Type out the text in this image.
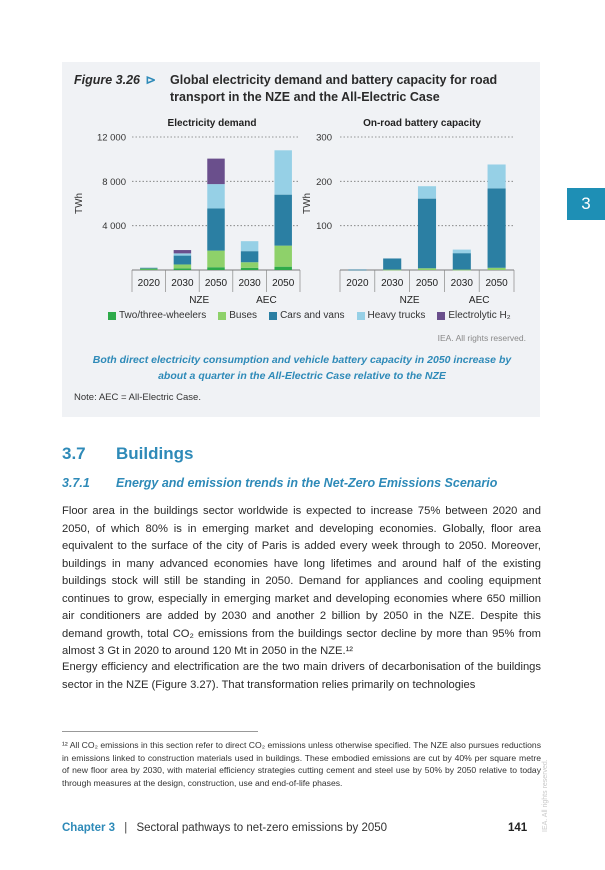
Figure 3.26 ⊳ Global electricity demand and battery capacity for road transport in the NZE and the All-Electric Case
Electricity demand
TWh
12 000
8 000
4 000
2020 2030 2050 2030 2050
NZE	AEC
On-road battery capacity
TWh
300
200
100
2020 2030 2050 2030 2050
NZE	AEC
Two/three-wheelers Buses Cars and vans Heavy trucks Electrolytic H₂
IEA. All rights reserved.
Both direct electricity consumption and vehicle battery capacity in 2050 increase by about a quarter in the All-Electric Case relative to the NZE
Note: AEC = All-Electric Case.
3
3.7 Buildings
3.7.1 Energy and emission trends in the Net-Zero Emissions Scenario
Floor area in the buildings sector worldwide is expected to increase 75% between 2020 and 2050, of which 80% is in emerging market and developing economies. Globally, floor area equivalent to the surface of the city of Paris is added every week through to 2050. Moreover, buildings in many advanced economies have long lifetimes and around half of the existing buildings stock will still be standing in 2050. Demand for appliances and cooling equipment continues to grow, especially in emerging market and developing economies where 650 million air conditioners are added by 2030 and another 2 billion by 2050 in the NZE. Despite this demand growth, total CO₂ emissions from the buildings sector decline by more than 95% from almost 3 Gt in 2020 to around 120 Mt in 2050 in the NZE.¹²
Energy efficiency and electrification are the two main drivers of decarbonisation of the buildings sector in the NZE (Figure 3.27). That transformation relies primarily on technologies
¹² All CO₂ emissions in this section refer to direct CO₂ emissions unless otherwise specified. The NZE also pursues reductions in emissions linked to construction materials used in buildings. These embodied emissions are cut by 40% per square metre of new floor area by 2030, with material efficiency strategies cutting cement and steel use by 50% by 2050 relative to today through measures at the design, construction, use and end-of-life phases.
Chapter 3 | Sectoral pathways to net-zero emissions by 2050	141 IEA. All rights reserved.
